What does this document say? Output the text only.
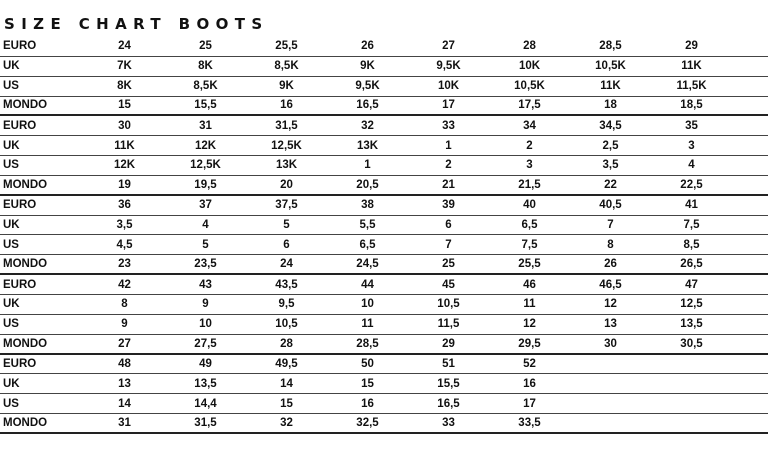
SIZE CHART BOOTS
EURO	24	25	25,5	26	27	28	28,5	29
UK	7K	8K	8,5K	9K	9,5K	10K	10,5K	11K
US	8K	8,5K	9K	9,5K	10K	10,5K	11K	11,5K
MONDO	15	15,5	16	16,5	17	17,5	18	18,5
EURO	30	31	31,5	32	33	34	34,5	35
UK	11K	12K	12,5K	13K	1	2	2,5	3
US	12K	12,5K	13K	1	2	3	3,5	4
MONDO	19	19,5	20	20,5	21	21,5	22	22,5
EURO	36	37	37,5	38	39	40	40,5	41
UK	3,5	4	5	5,5	6	6,5	7	7,5
US	4,5	5	6	6,5	7	7,5	8	8,5
MONDO	23	23,5	24	24,5	25	25,5	26	26,5
EURO	42	43	43,5	44	45	46	46,5	47
UK	8	9	9,5	10	10,5	11	12	12,5
US	9	10	10,5	11	11,5	12	13	13,5
MONDO	27	27,5	28	28,5	29	29,5	30	30,5
EURO	48	49	49,5	50	51	52
UK	13	13,5	14	15	15,5	16
US	14	14,4	15	16	16,5	17
MONDO	31	31,5	32	32,5	33	33,5
